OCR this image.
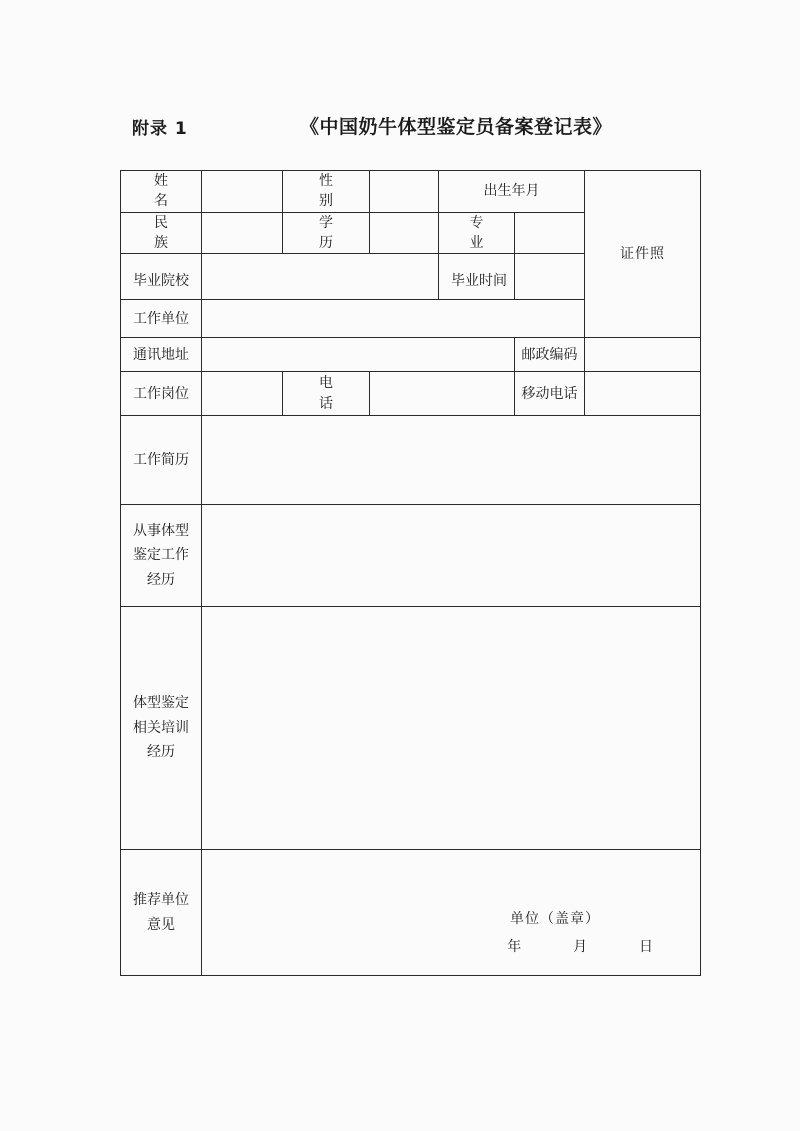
附录 1	《中国奶牛体型鉴定员备案登记表》
姓 名		性 别		出生年月		证件照
民 族		学 历		专 业		
毕业院校				毕业时间		
工作单位						
通讯地址					邮政编码	
工作岗位		电 话			移动电话	
工作简历						

从事体型鉴定工作经历						

体型鉴定相关培训经历						

推荐单位意见	单位（盖章）
年 月 日					
